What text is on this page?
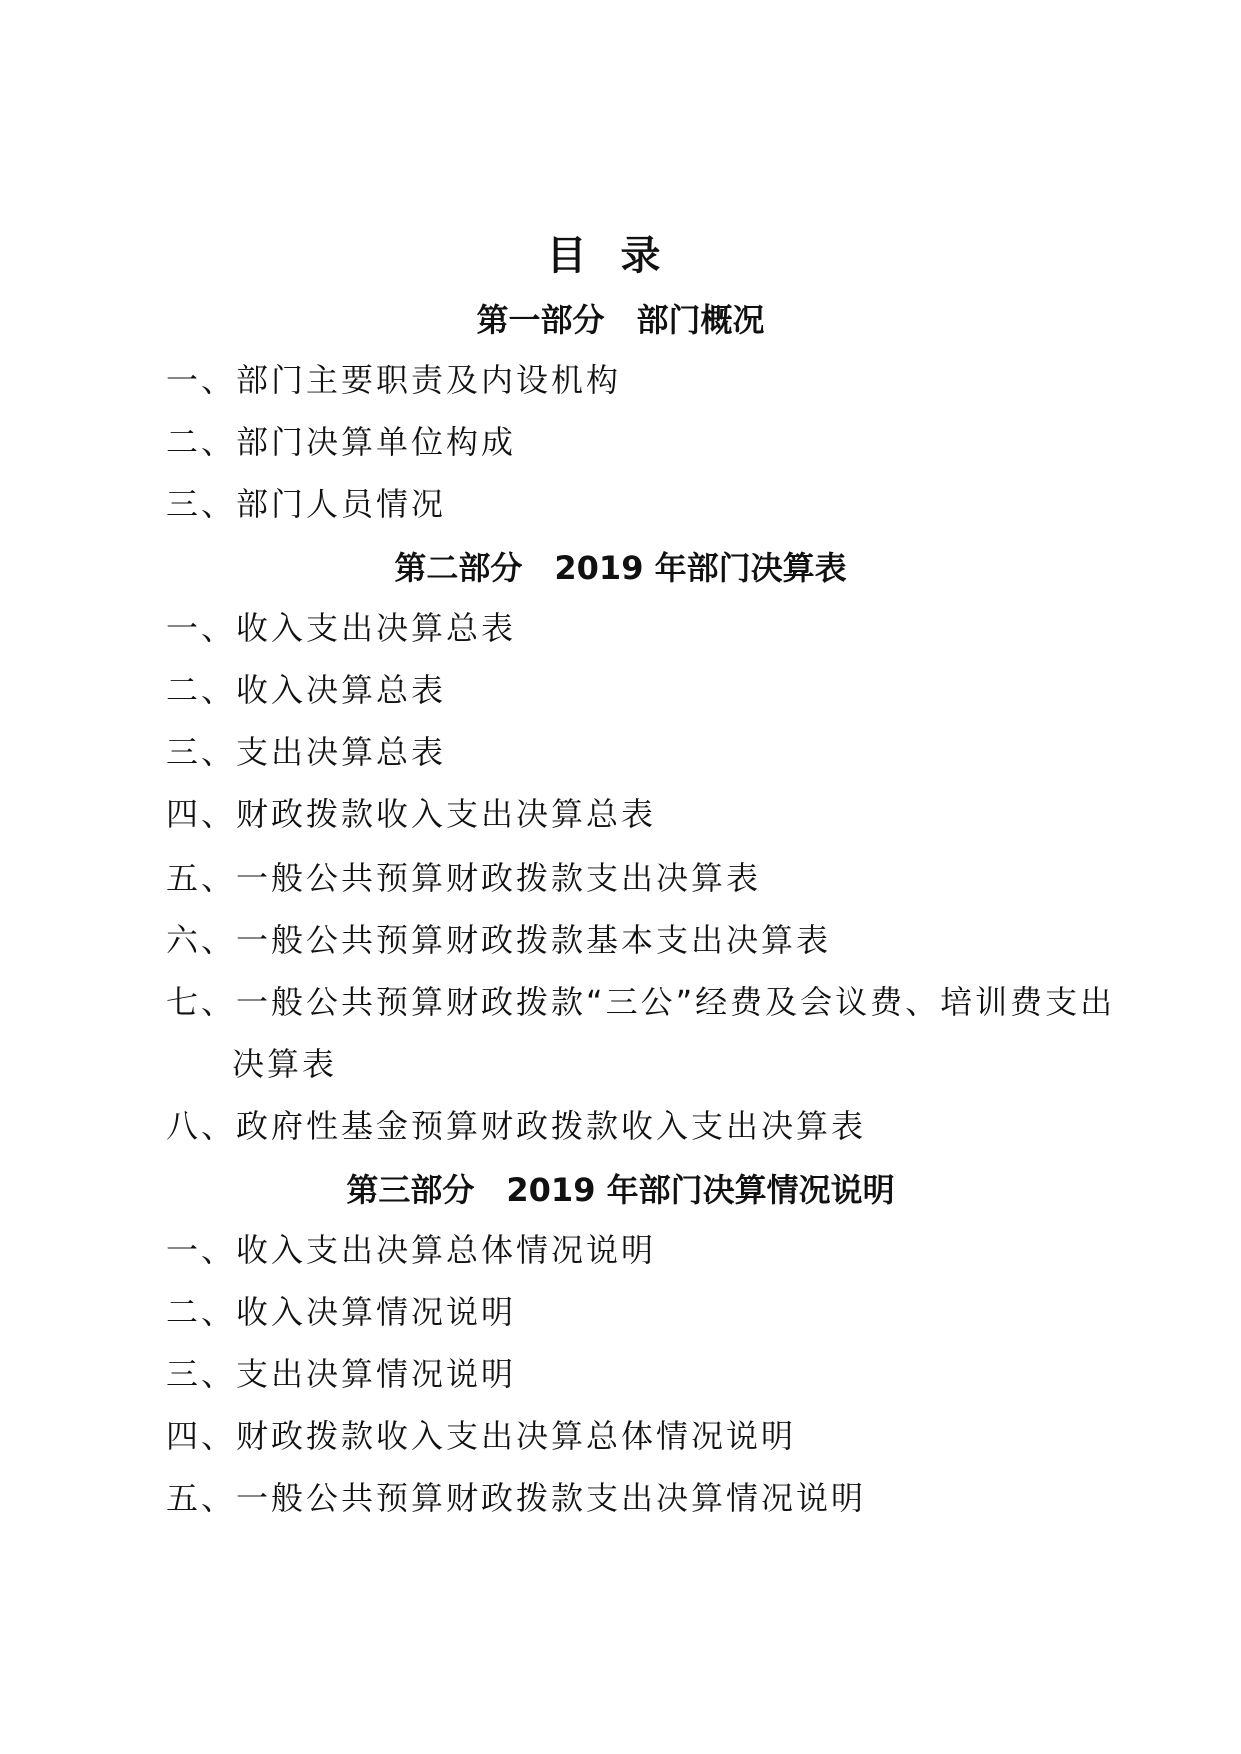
目录
第一部分　部门概况
一、部门主要职责及内设机构
二、部门决算单位构成
三、部门人员情况
第二部分　2019 年部门决算表
一、收入支出决算总表
二、收入决算总表
三、支出决算总表
四、财政拨款收入支出决算总表
五、一般公共预算财政拨款支出决算表
六、一般公共预算财政拨款基本支出决算表
七、一般公共预算财政拨款“三公”经费及会议费、培训费支出
决算表
八、政府性基金预算财政拨款收入支出决算表
第三部分　2019 年部门决算情况说明
一、收入支出决算总体情况说明
二、收入决算情况说明
三、支出决算情况说明
四、财政拨款收入支出决算总体情况说明
五、一般公共预算财政拨款支出决算情况说明
